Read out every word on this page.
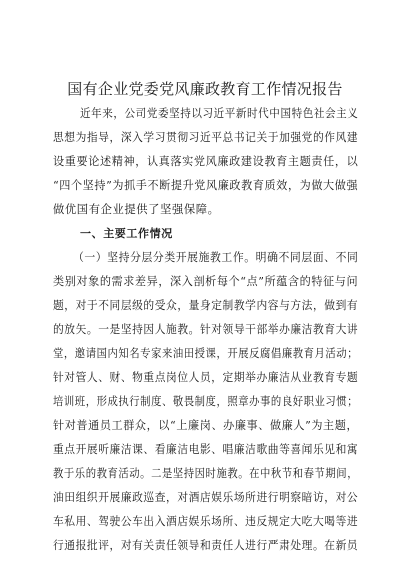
国有企业党委党风廉政教育工作情况报告
近年来，公司党委坚持以习近平新时代中国特色社会主义
思想为指导，深入学习贯彻习近平总书记关于加强党的作风建
设重要论述精神，认真落实党风廉政建设教育主题责任，以
“四个坚持”为抓手不断提升党风廉政教育质效，为做大做强
做优国有企业提供了坚强保障。
一、主要工作情况
（一）坚持分层分类开展施教工作。明确不同层面、不同
类别对象的需求差异，深入剖析每个“点”所蕴含的特征与问
题，对于不同层级的受众，量身定制教学内容与方法，做到有
的放矢。一是坚持因人施教。针对领导干部举办廉洁教育大讲
堂，邀请国内知名专家来油田授课，开展反腐倡廉教育月活动；
针对管人、财、物重点岗位人员，定期举办廉洁从业教育专题
培训班，形成执行制度、敬畏制度，照章办事的良好职业习惯；
针对普通员工群众，以“上廉岗、办廉事、做廉人”为主题，
重点开展听廉洁课、看廉洁电影、唱廉洁歌曲等喜闻乐见和寓
教于乐的教育活动。二是坚持因时施教。在中秋节和春节期间，
油田组织开展廉政巡查，对酒店娱乐场所进行明察暗访，对公
车私用、驾驶公车出入酒店娱乐场所、违反规定大吃大喝等进
行通报批评，对有关责任领导和责任人进行严肃处理。在新员
